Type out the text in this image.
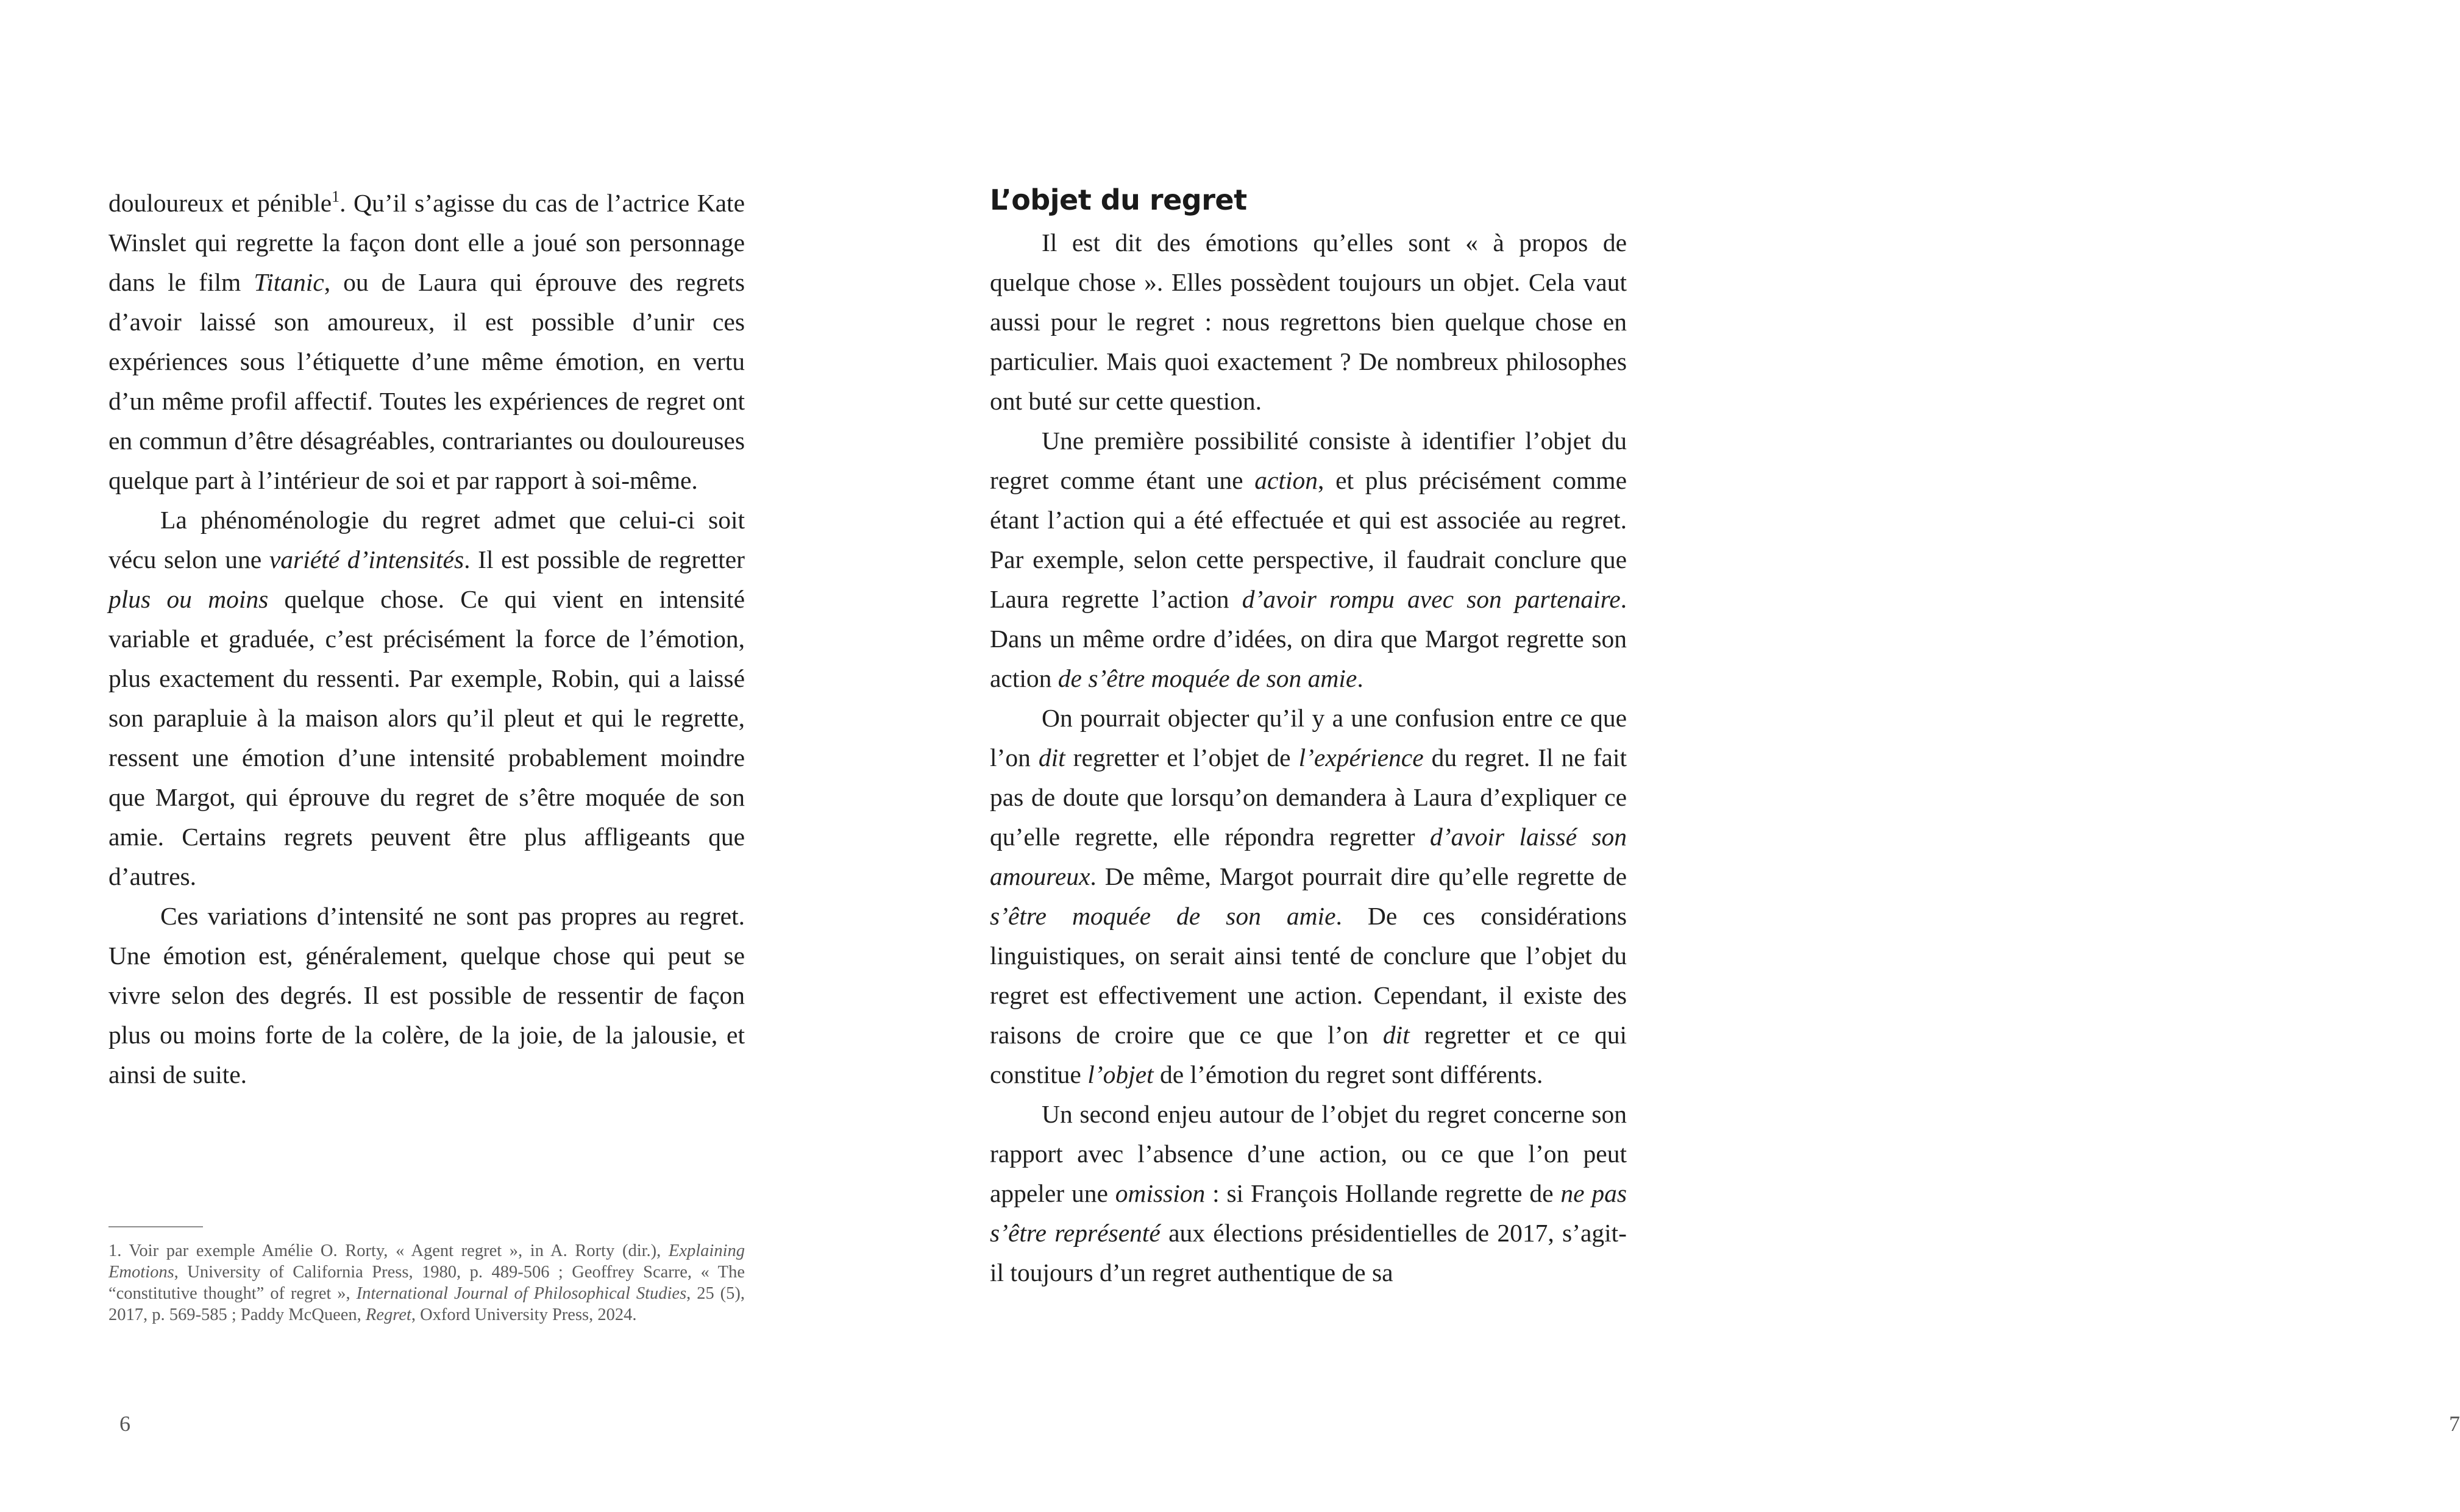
douloureux et pénible$^1$. Qu’il s’agisse du cas de l’actrice Kate Winslet qui regrette la façon dont elle a joué son personnage dans le film Titanic, ou de Laura qui éprouve des regrets d’avoir laissé son amoureux, il est possible d’unir ces expériences sous l’étiquette d’une même émotion, en vertu d’un même profil affectif. Toutes les expériences de regret ont en commun d’être désagréables, contrariantes ou douloureuses quelque part à l’intérieur de soi et par rapport à soi-même.

La phénoménologie du regret admet que celui-ci soit vécu selon une variété d’intensités. Il est possible de regretter plus ou moins quelque chose. Ce qui vient en intensité variable et graduée, c’est précisément la force de l’émotion, plus exactement du ressenti. Par exemple, Robin, qui a laissé son parapluie à la maison alors qu’il pleut et qui le regrette, ressent une émotion d’une intensité probablement moindre que Margot, qui éprouve du regret de s’être moquée de son amie. Certains regrets peuvent être plus affligeants que d’autres.

Ces variations d’intensité ne sont pas propres au regret. Une émotion est, généralement, quelque chose qui peut se vivre selon des degrés. Il est possible de ressentir de façon plus ou moins forte de la colère, de la joie, de la jalousie, et ainsi de suite.

1. Voir par exemple Amélie O. Rorty, « Agent regret », in A. Rorty (dir.), Explaining Emotions, University of California Press, 1980, p. 489-506 ; Geoffrey Scarre, « The “constitutive thought” of regret », International Journal of Philosophical Studies, 25 (5), 2017, p. 569-585 ; Paddy McQueen, Regret, Oxford University Press, 2024.

6
L’objet du regret

Il est dit des émotions qu’elles sont « à propos de quelque chose ». Elles possèdent toujours un objet. Cela vaut aussi pour le regret : nous regrettons bien quelque chose en particulier. Mais quoi exactement ? De nombreux philosophes ont buté sur cette question.

Une première possibilité consiste à identifier l’objet du regret comme étant une action, et plus précisément comme étant l’action qui a été effectuée et qui est associée au regret. Par exemple, selon cette perspective, il faudrait conclure que Laura regrette l’action d’avoir rompu avec son partenaire. Dans un même ordre d’idées, on dira que Margot regrette son action de s’être moquée de son amie.

On pourrait objecter qu’il y a une confusion entre ce que l’on dit regretter et l’objet de l’expérience du regret. Il ne fait pas de doute que lorsqu’on demandera à Laura d’expliquer ce qu’elle regrette, elle répondra regretter d’avoir laissé son amoureux. De même, Margot pourrait dire qu’elle regrette de s’être moquée de son amie. De ces considérations linguistiques, on serait ainsi tenté de conclure que l’objet du regret est effectivement une action. Cependant, il existe des raisons de croire que ce que l’on dit regretter et ce qui constitue l’objet de l’émotion du regret sont différents.

Un second enjeu autour de l’objet du regret concerne son rapport avec l’absence d’une action, ou ce que l’on peut appeler une omission : si François Hollande regrette de ne pas s’être représenté aux élections présidentielles de 2017, s’agit-il toujours d’un regret authentique de sa

7
